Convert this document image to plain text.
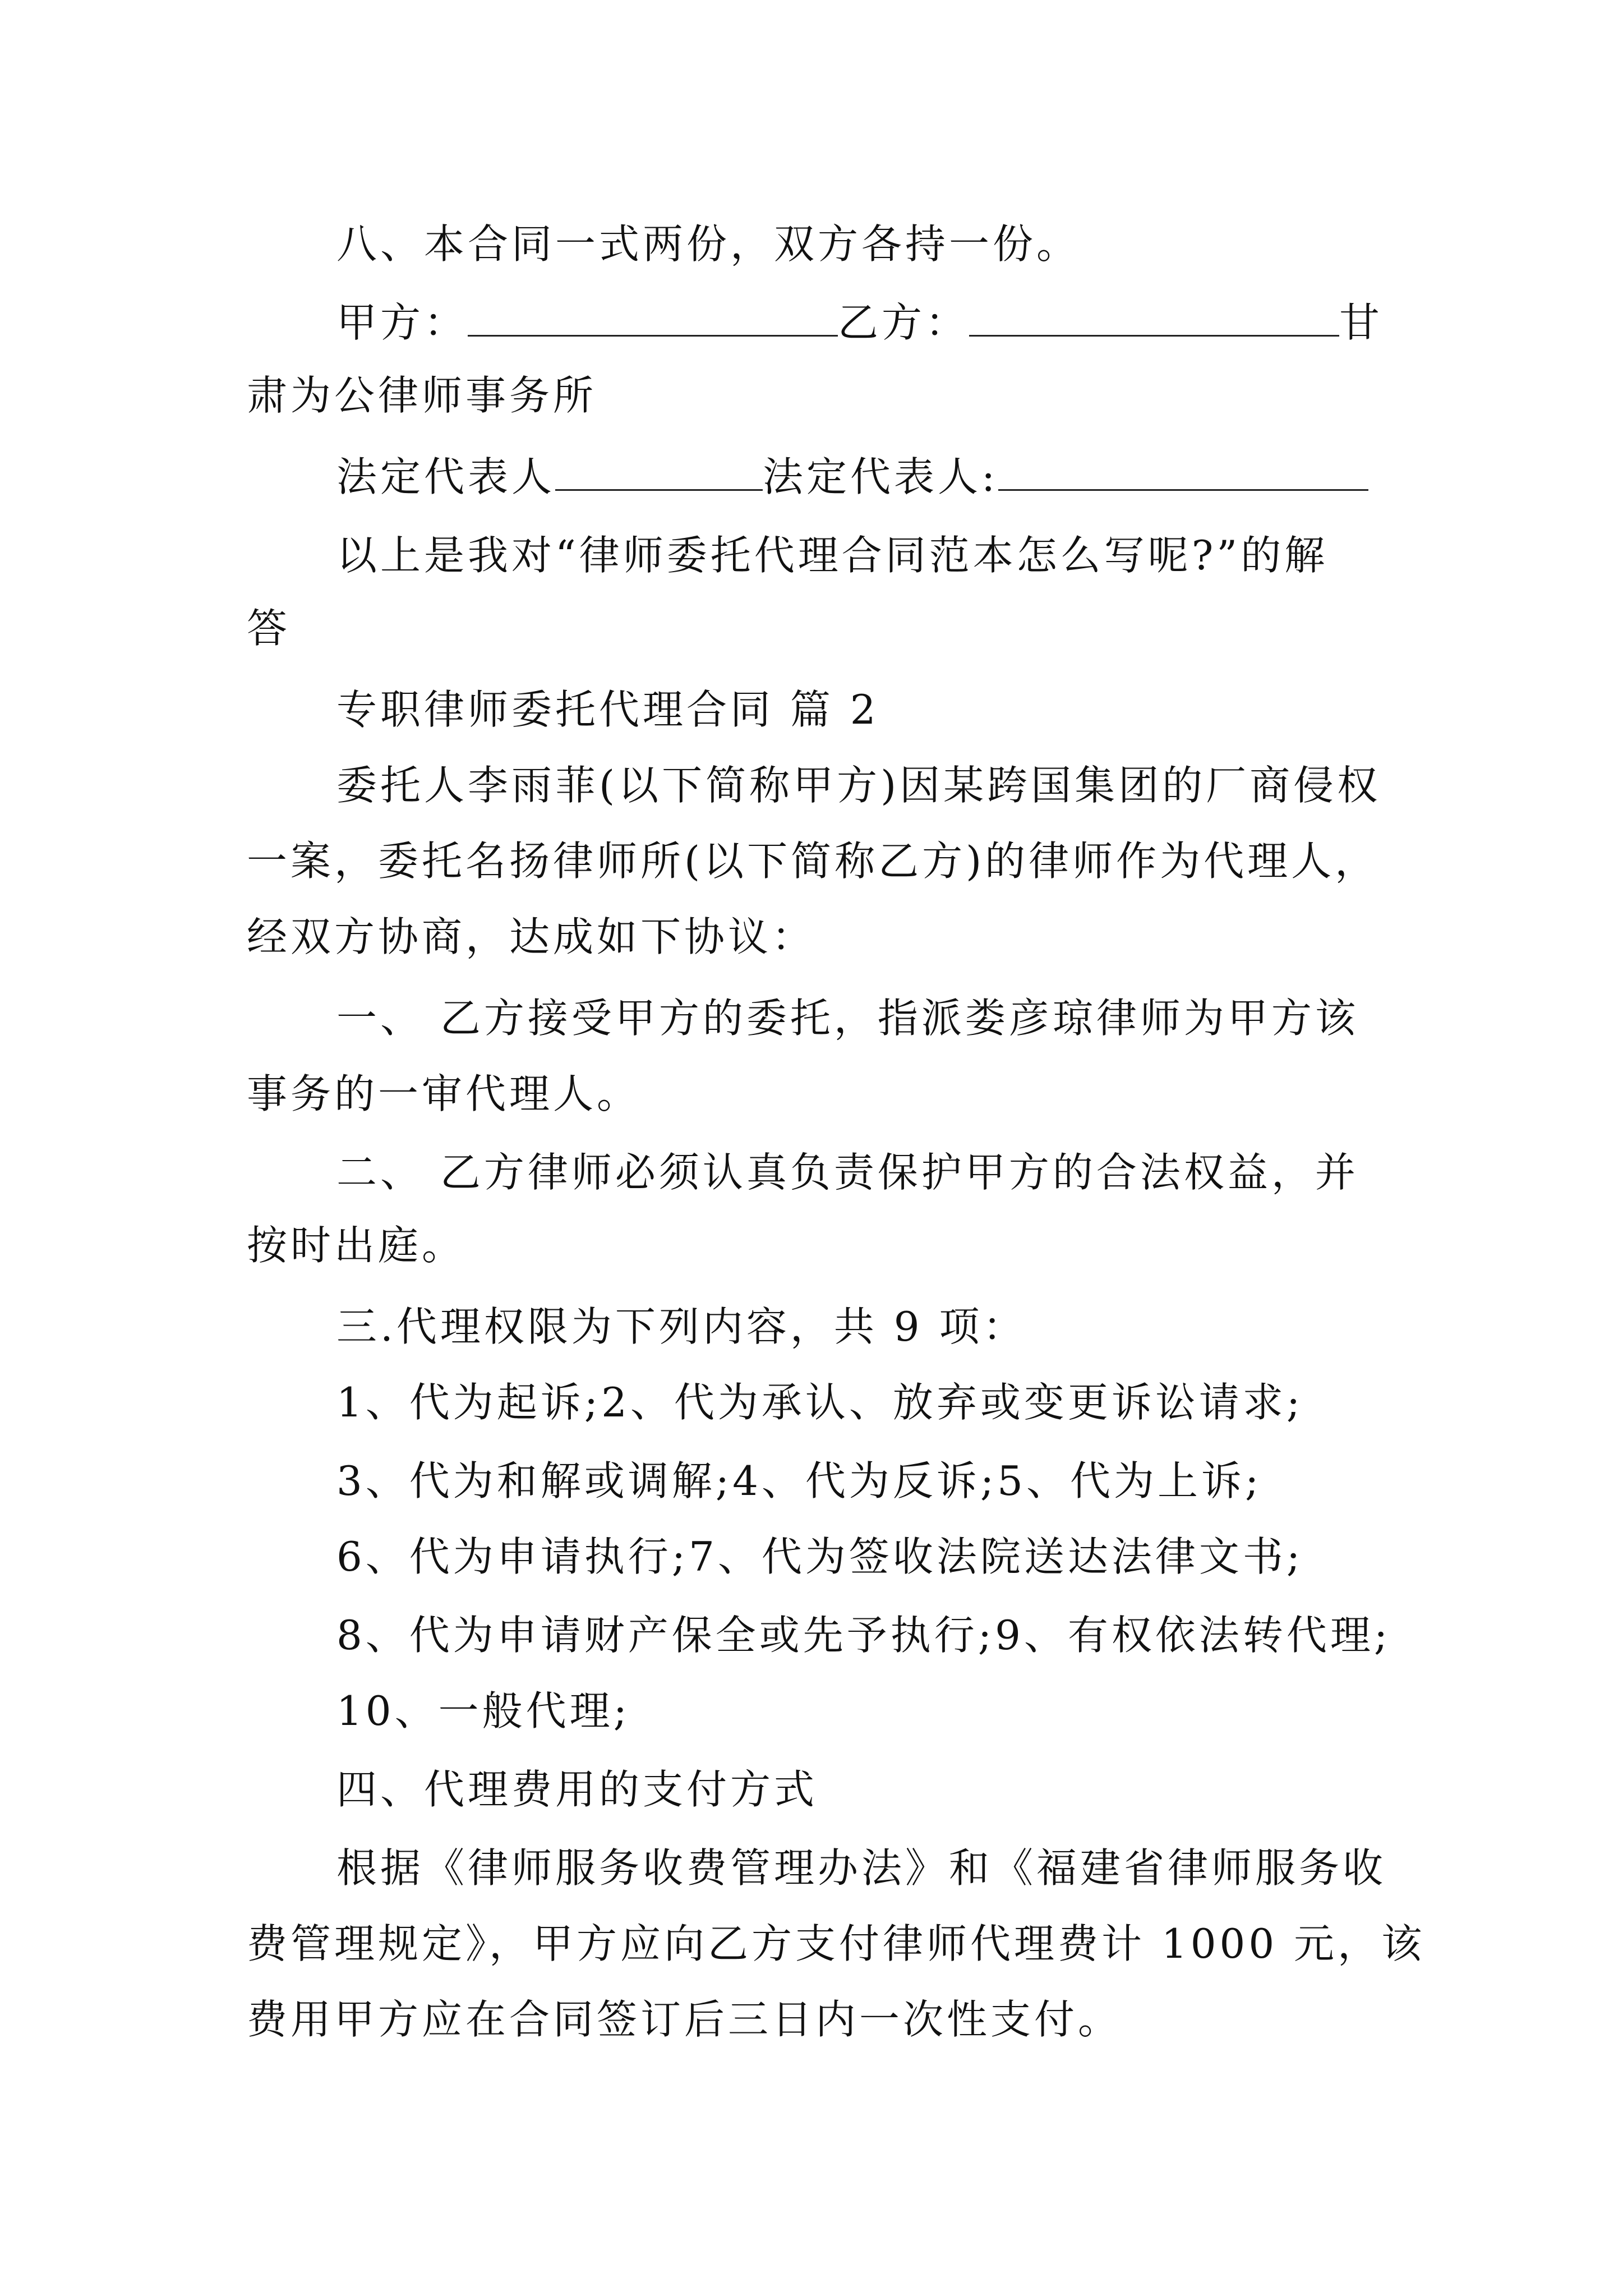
八、本合同一式两份，双方各持一份。
甲方：	乙方：	甘
肃为公律师事务所
法定代表人	法定代表人:
以上是我对“律师委托代理合同范本怎么写呢?”的解
答
专职律师委托代理合同 篇 2
委托人李雨菲(以下简称甲方)因某跨国集团的厂商侵权
一案，委托名扬律师所(以下简称乙方)的律师作为代理人，
经双方协商，达成如下协议：
一、 乙方接受甲方的委托，指派娄彦琼律师为甲方该
事务的一审代理人。
二、 乙方律师必须认真负责保护甲方的合法权益，并
按时出庭。
三.代理权限为下列内容，共 9 项：
1、代为起诉;2、代为承认、放弃或变更诉讼请求;
3、代为和解或调解;4、代为反诉;5、代为上诉;
6、代为申请执行;7、代为签收法院送达法律文书;
8、代为申请财产保全或先予执行;9、有权依法转代理;
10、一般代理;
四、代理费用的支付方式
根据《律师服务收费管理办法》和《福建省律师服务收
费管理规定》，甲方应向乙方支付律师代理费计 1000 元，该
费用甲方应在合同签订后三日内一次性支付。
